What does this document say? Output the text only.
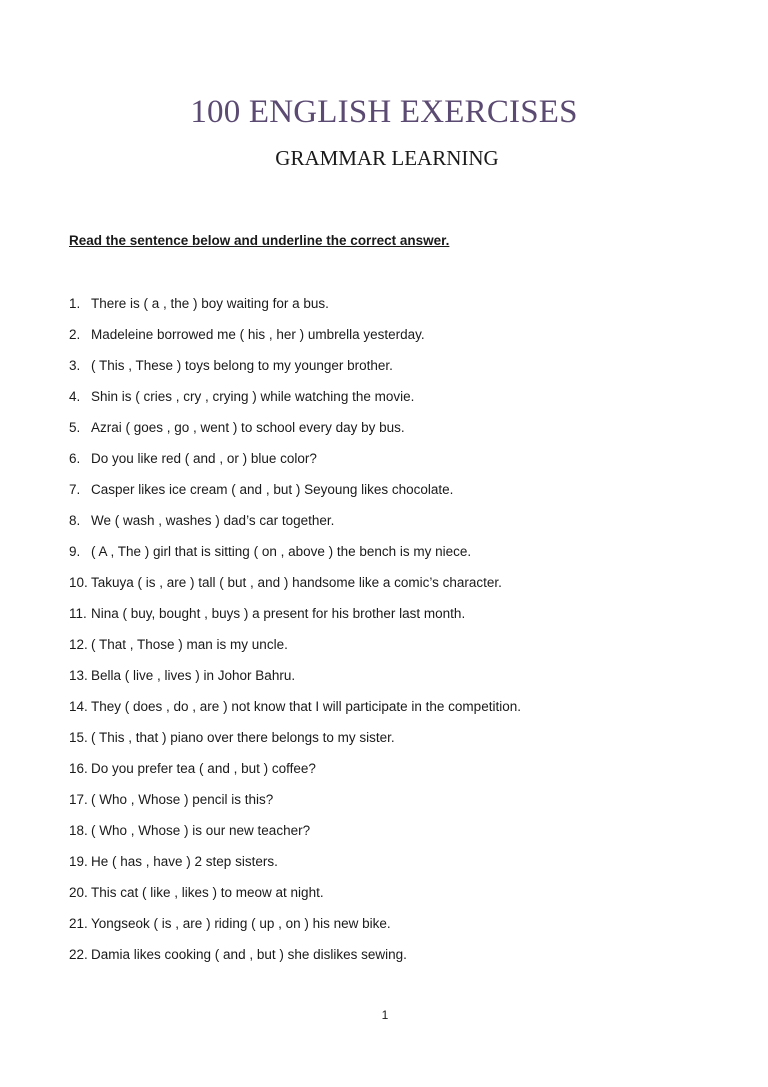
100 ENGLISH EXERCISES
GRAMMAR LEARNING
Read the sentence below and underline the correct answer.
1. There is ( a , the ) boy waiting for a bus.
2. Madeleine borrowed me ( his , her ) umbrella yesterday.
3. ( This , These ) toys belong to my younger brother.
4. Shin is ( cries , cry , crying ) while watching the movie.
5. Azrai ( goes , go , went ) to school every day by bus.
6. Do you like red ( and , or ) blue color?
7. Casper likes ice cream ( and , but ) Seyoung likes chocolate.
8. We ( wash , washes ) dad’s car together.
9. ( A , The ) girl that is sitting ( on , above ) the bench is my niece.
10. Takuya ( is , are ) tall ( but , and ) handsome like a comic’s character.
11. Nina ( buy, bought , buys ) a present for his brother last month.
12. ( That , Those ) man is my uncle.
13. Bella ( live , lives ) in Johor Bahru.
14. They ( does , do , are ) not know that I will participate in the competition.
15. ( This , that ) piano over there belongs to my sister.
16. Do you prefer tea ( and , but ) coffee?
17. ( Who , Whose ) pencil is this?
18. ( Who , Whose ) is our new teacher?
19. He ( has , have ) 2 step sisters.
20. This cat ( like , likes ) to meow at night.
21. Yongseok ( is , are ) riding ( up , on ) his new bike.
22. Damia likes cooking ( and , but ) she dislikes sewing.
1
